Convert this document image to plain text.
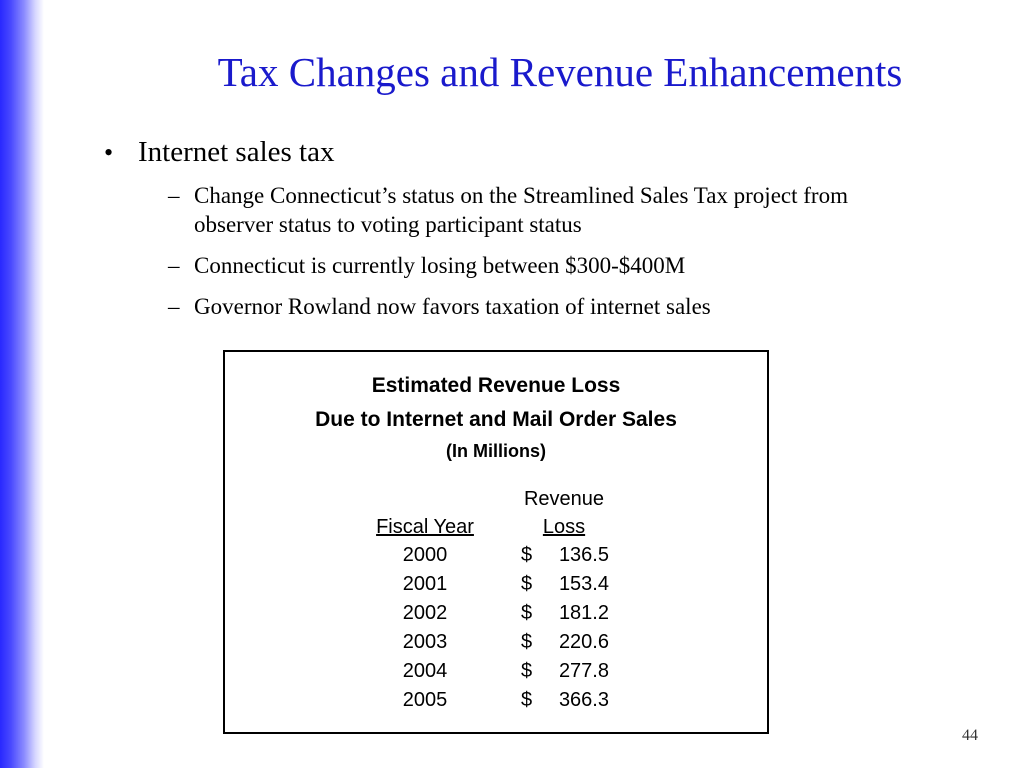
Tax Changes and Revenue Enhancements
• Internet sales tax
– Change Connecticut’s status on the Streamlined Sales Tax project from observer status to voting participant status
– Connecticut is currently losing between $300-$400M
– Governor Rowland now favors taxation of internet sales
Estimated Revenue Loss
Due to Internet and Mail Order Sales
(In Millions)
Revenue
Fiscal Year	Loss
2000	$	136.5
2001	$	153.4
2002	$	181.2
2003	$	220.6
2004	$	277.8
2005	$	366.3
44
